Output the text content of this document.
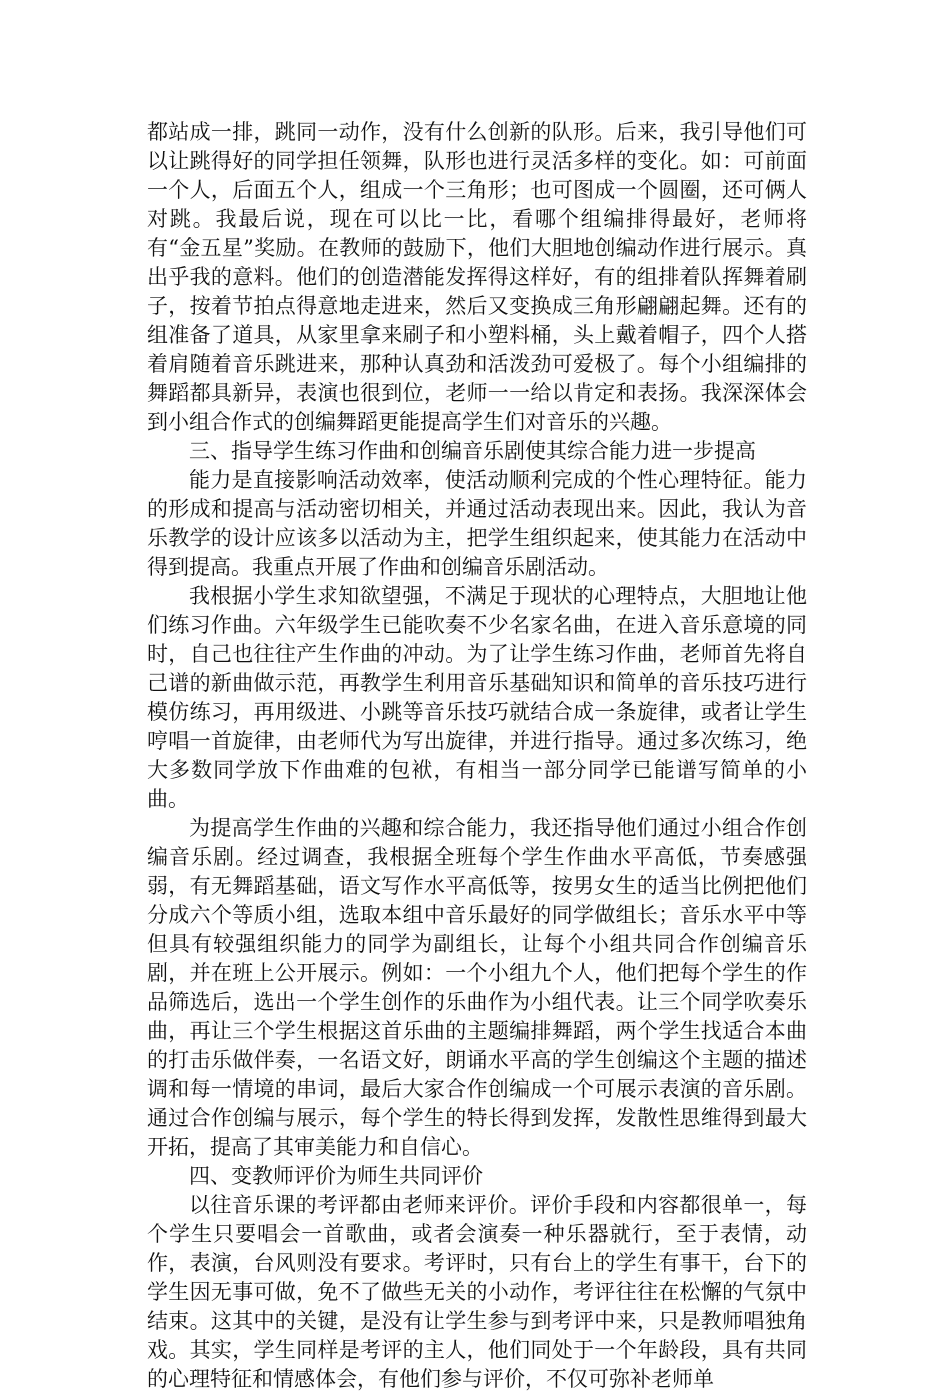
都站成一排，跳同一动作，没有什么创新的队形。后来，我引导他们可以让跳得好的同学担任领舞，队形也进行灵活多样的变化。如：可前面一个人，后面五个人，组成一个三角形；也可图成一个圆圈，还可俩人对跳。我最后说，现在可以比一比，看哪个组编排得最好，老师将有“金五星”奖励。在教师的鼓励下，他们大胆地创编动作进行展示。真出乎我的意料。他们的创造潜能发挥得这样好，有的组排着队挥舞着刷子，按着节拍点得意地走进来，然后又变换成三角形翩翩起舞。还有的组准备了道具，从家里拿来刷子和小塑料桶，头上戴着帽子，四个人搭着肩随着音乐跳进来，那种认真劲和活泼劲可爱极了。每个小组编排的舞蹈都具新异，表演也很到位，老师一一给以肯定和表扬。我深深体会到小组合作式的创编舞蹈更能提高学生们对音乐的兴趣。

三、指导学生练习作曲和创编音乐剧使其综合能力进一步提高

能力是直接影响活动效率，使活动顺利完成的个性心理特征。能力的形成和提高与活动密切相关，并通过活动表现出来。因此，我认为音乐教学的设计应该多以活动为主，把学生组织起来，使其能力在活动中得到提高。我重点开展了作曲和创编音乐剧活动。

我根据小学生求知欲望强，不满足于现状的心理特点，大胆地让他们练习作曲。六年级学生已能吹奏不少名家名曲，在进入音乐意境的同时，自己也往往产生作曲的冲动。为了让学生练习作曲，老师首先将自己谱的新曲做示范，再教学生利用音乐基础知识和简单的音乐技巧进行模仿练习，再用级进、小跳等音乐技巧就结合成一条旋律，或者让学生哼唱一首旋律，由老师代为写出旋律，并进行指导。通过多次练习，绝大多数同学放下作曲难的包袱，有相当一部分同学已能谱写简单的小曲。

为提高学生作曲的兴趣和综合能力，我还指导他们通过小组合作创编音乐剧。经过调查，我根据全班每个学生作曲水平高低，节奏感强弱，有无舞蹈基础，语文写作水平高低等，按男女生的适当比例把他们分成六个等质小组，选取本组中音乐最好的同学做组长；音乐水平中等但具有较强组织能力的同学为副组长，让每个小组共同合作创编音乐剧，并在班上公开展示。例如：一个小组九个人，他们把每个学生的作品筛选后，选出一个学生创作的乐曲作为小组代表。让三个同学吹奏乐曲，再让三个学生根据这首乐曲的主题编排舞蹈，两个学生找适合本曲的打击乐做伴奏，一名语文好，朗诵水平高的学生创编这个主题的描述调和每一情境的串词，最后大家合作创编成一个可展示表演的音乐剧。通过合作创编与展示，每个学生的特长得到发挥，发散性思维得到最大开拓，提高了其审美能力和自信心。

四、变教师评价为师生共同评价

以往音乐课的考评都由老师来评价。评价手段和内容都很单一，每个学生只要唱会一首歌曲，或者会演奏一种乐器就行，至于表情，动作，表演，台风则没有要求。考评时，只有台上的学生有事干，台下的学生因无事可做，免不了做些无关的小动作，考评往往在松懈的气氛中结束。这其中的关键，是没有让学生参与到考评中来，只是教师唱独角戏。其实，学生同样是考评的主人，他们同处于一个年龄段，具有共同的心理特征和情感体会，有他们参与评价，不仅可弥补老师单
